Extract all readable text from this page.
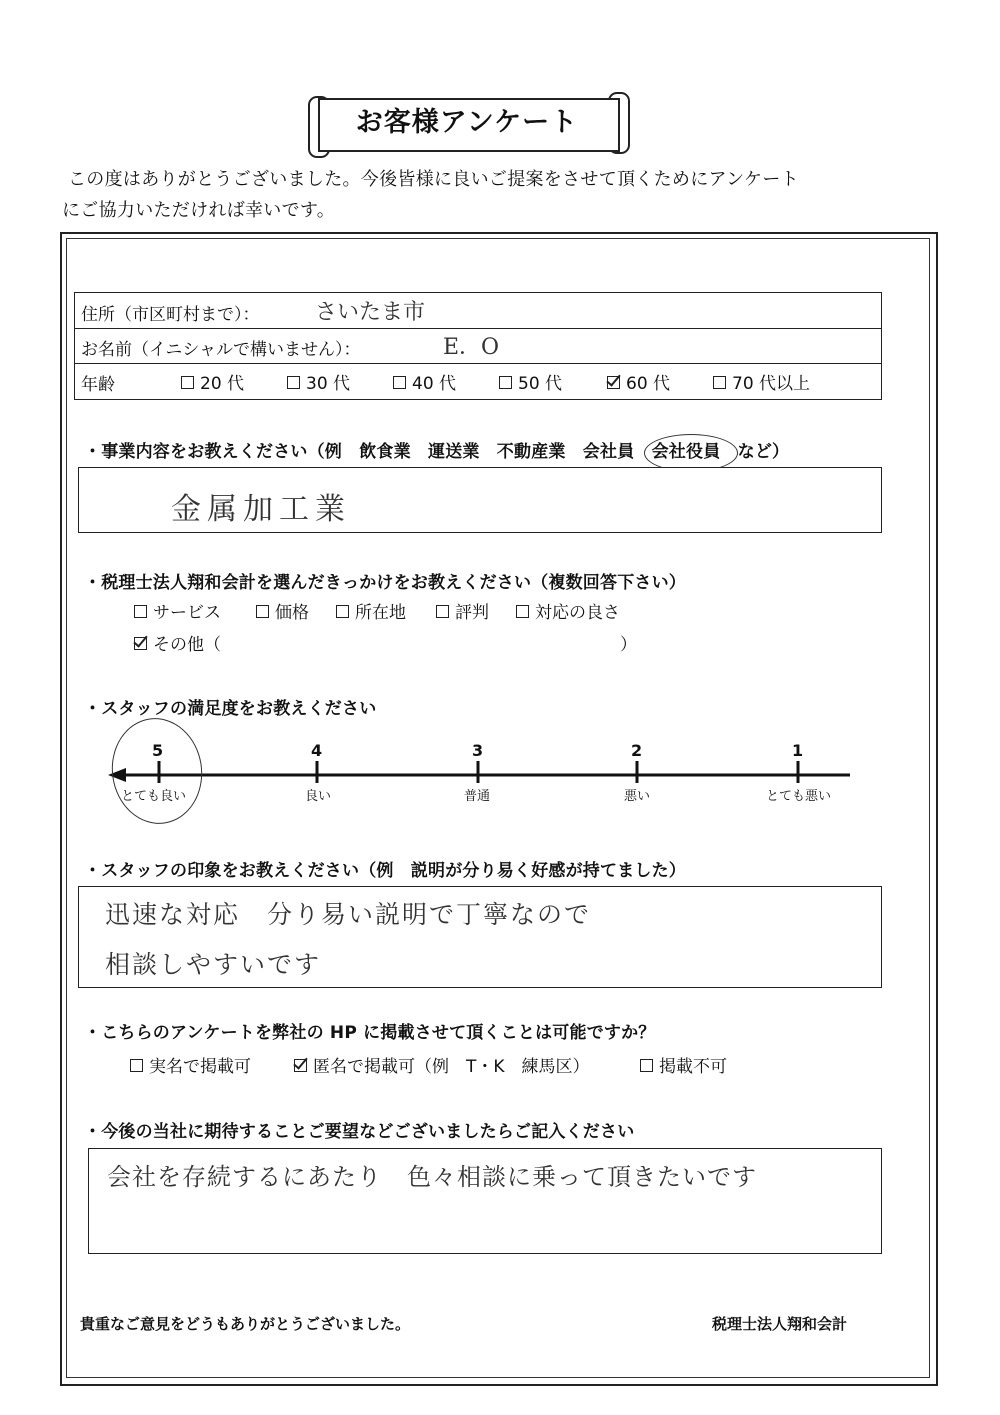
お客様アンケート
この度はありがとうございました。今後皆様に良いご提案をさせて頂くためにアンケート
にご協力いただければ幸いです。
住所（市区町村まで）：	さいたま市
お名前（イニシャルで構いません）：	E．O
年齢	20 代	30 代	40 代	50 代	60 代	70 代以上
・事業内容をお教えください（例　飲食業　運送業　不動産業　会社員　会社役員
　など）
金属加工業
・税理士法人翔和会計を選んだきっかけをお教えください（複数回答下さい）
サービス	価格	所在地	評判	対応の良さ
その他（	）
・スタッフの満足度をお教えください
5	4	3	2	1
とても良い	良い	普通	悪い	とても悪い
・スタッフの印象をお教えください（例　説明が分り易く好感が持てました）
迅速な対応　分り易い説明で丁寧なので
相談しやすいです
・こちらのアンケートを弊社の HP に掲載させて頂くことは可能ですか？
実名で掲載可	匿名で掲載可（例　T・K　練馬区）	掲載不可
・今後の当社に期待することご要望などございましたらご記入ください
会社を存続するにあたり　色々相談に乗って頂きたいです
貴重なご意見をどうもありがとうございました。	税理士法人翔和会計
